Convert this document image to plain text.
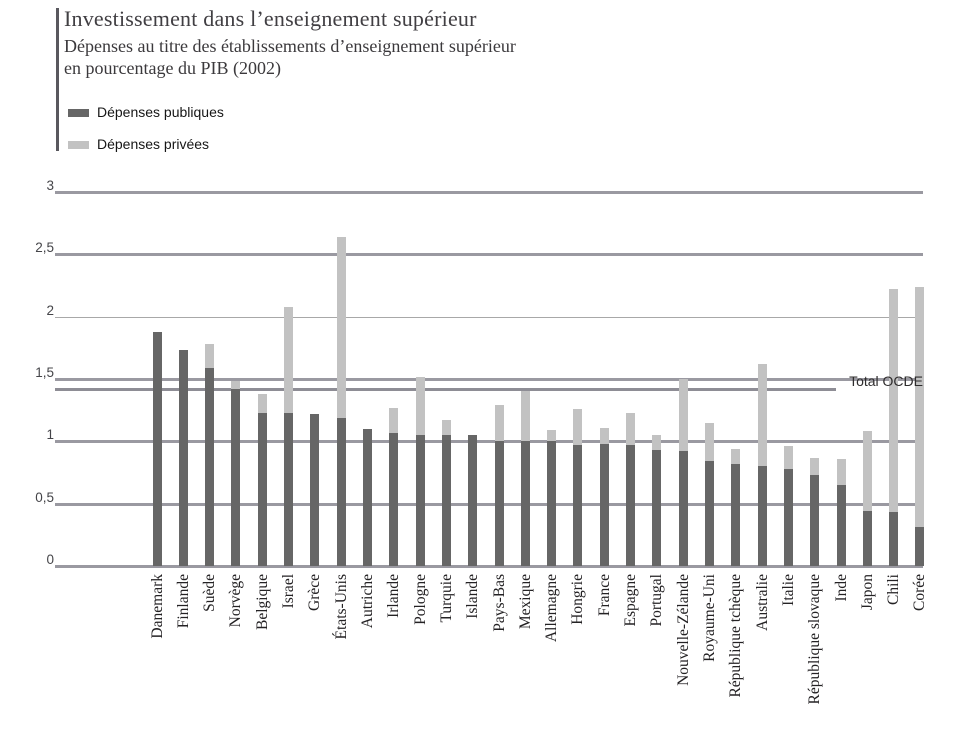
Investissement dans l’enseignement supérieur
Dépenses au titre des établissements d’enseignement supérieur
en pourcentage du PIB (2002)
Dépenses publiques
Dépenses privées
3
2,5
2
1,5
1
0,5
0
Total OCDE
Danemark Finlande Suède Norvège Belgique Israel Grèce États-Unis Autriche Irlande Pologne Turquie Islande Pays-Bas Mexique Allemagne Hongrie France Espagne Portugal Nouvelle-Zélande Royaume-Uni République tchèque Australie Italie République slovaque Inde Japon Chili Corée
